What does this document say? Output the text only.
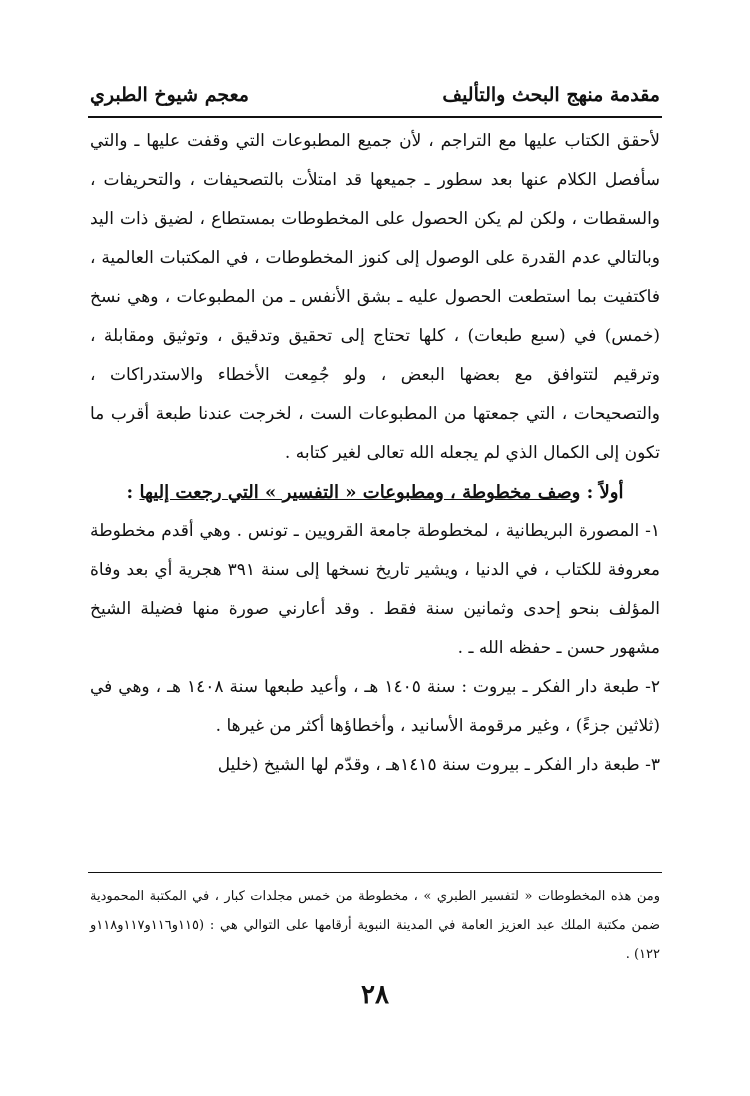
مقدمة منهج البحث والتأليف
معجم شيوخ الطبري

لأحقق الكتاب عليها مع التراجم ، لأن جميع المطبوعات التي وقفت عليها ـ والتي سأفصل الكلام عنها بعد سطور ـ جميعها قد امتلأت بالتصحيفات ، والتحريفات ، والسقطات ، ولكن لم يكن الحصول على المخطوطات بمستطاع ، لضيق ذات اليد وبالتالي عدم القدرة على الوصول إلى كنوز المخطوطات ، في المكتبات العالمية ، فاكتفيت بما استطعت الحصول عليه ـ بشق الأنفس ـ من المطبوعات ، وهي نسخ (خمس) في (سبع طبعات) ، كلها تحتاج إلى تحقيق وتدقيق ، وتوثيق ومقابلة ، وترقيم لتتوافق مع بعضها البعض ، ولو جُمِعت الأخطاء والاستدراكات ، والتصحيحات ، التي جمعتها من المطبوعات الست ، لخرجت عندنا طبعة أقرب ما تكون إلى الكمال الذي لم يجعله الله تعالى لغير كتابه .

أولاً : وصف مخطوطة ، ومطبوعات « التفسير » التي رجعت إليها :

١- المصورة البريطانية ، لمخطوطة جامعة القرويين ـ تونس . وهي أقدم مخطوطة معروفة للكتاب ، في الدنيا ، ويشير تاريخ نسخها إلى سنة ٣٩١ هجرية أي بعد وفاة المؤلف بنحو إحدى وثمانين سنة فقط . وقد أعارني صورة منها فضيلة الشيخ مشهور حسن ـ حفظه الله ـ .

٢- طبعة دار الفكر ـ بيروت : سنة ١٤٠٥ هـ ، وأعيد طبعها سنة ١٤٠٨ هـ ، وهي في (ثلاثين جزءً) ، وغير مرقومة الأسانيد ، وأخطاؤها أكثر من غيرها .

٣- طبعة دار الفكر ـ بيروت سنة ١٤١٥هـ ، وقدّم لها الشيخ (خليل

ومن هذه المخطوطات « لتفسير الطبري » ، مخطوطة من خمس مجلدات كبار ، في المكتبة المحمودية ضمن مكتبة الملك عبد العزيز العامة في المدينة النبوية أرقامها على التوالي هي : (١١٥و١١٦و١١٧و١١٨و ١٢٢) .

٢٨
